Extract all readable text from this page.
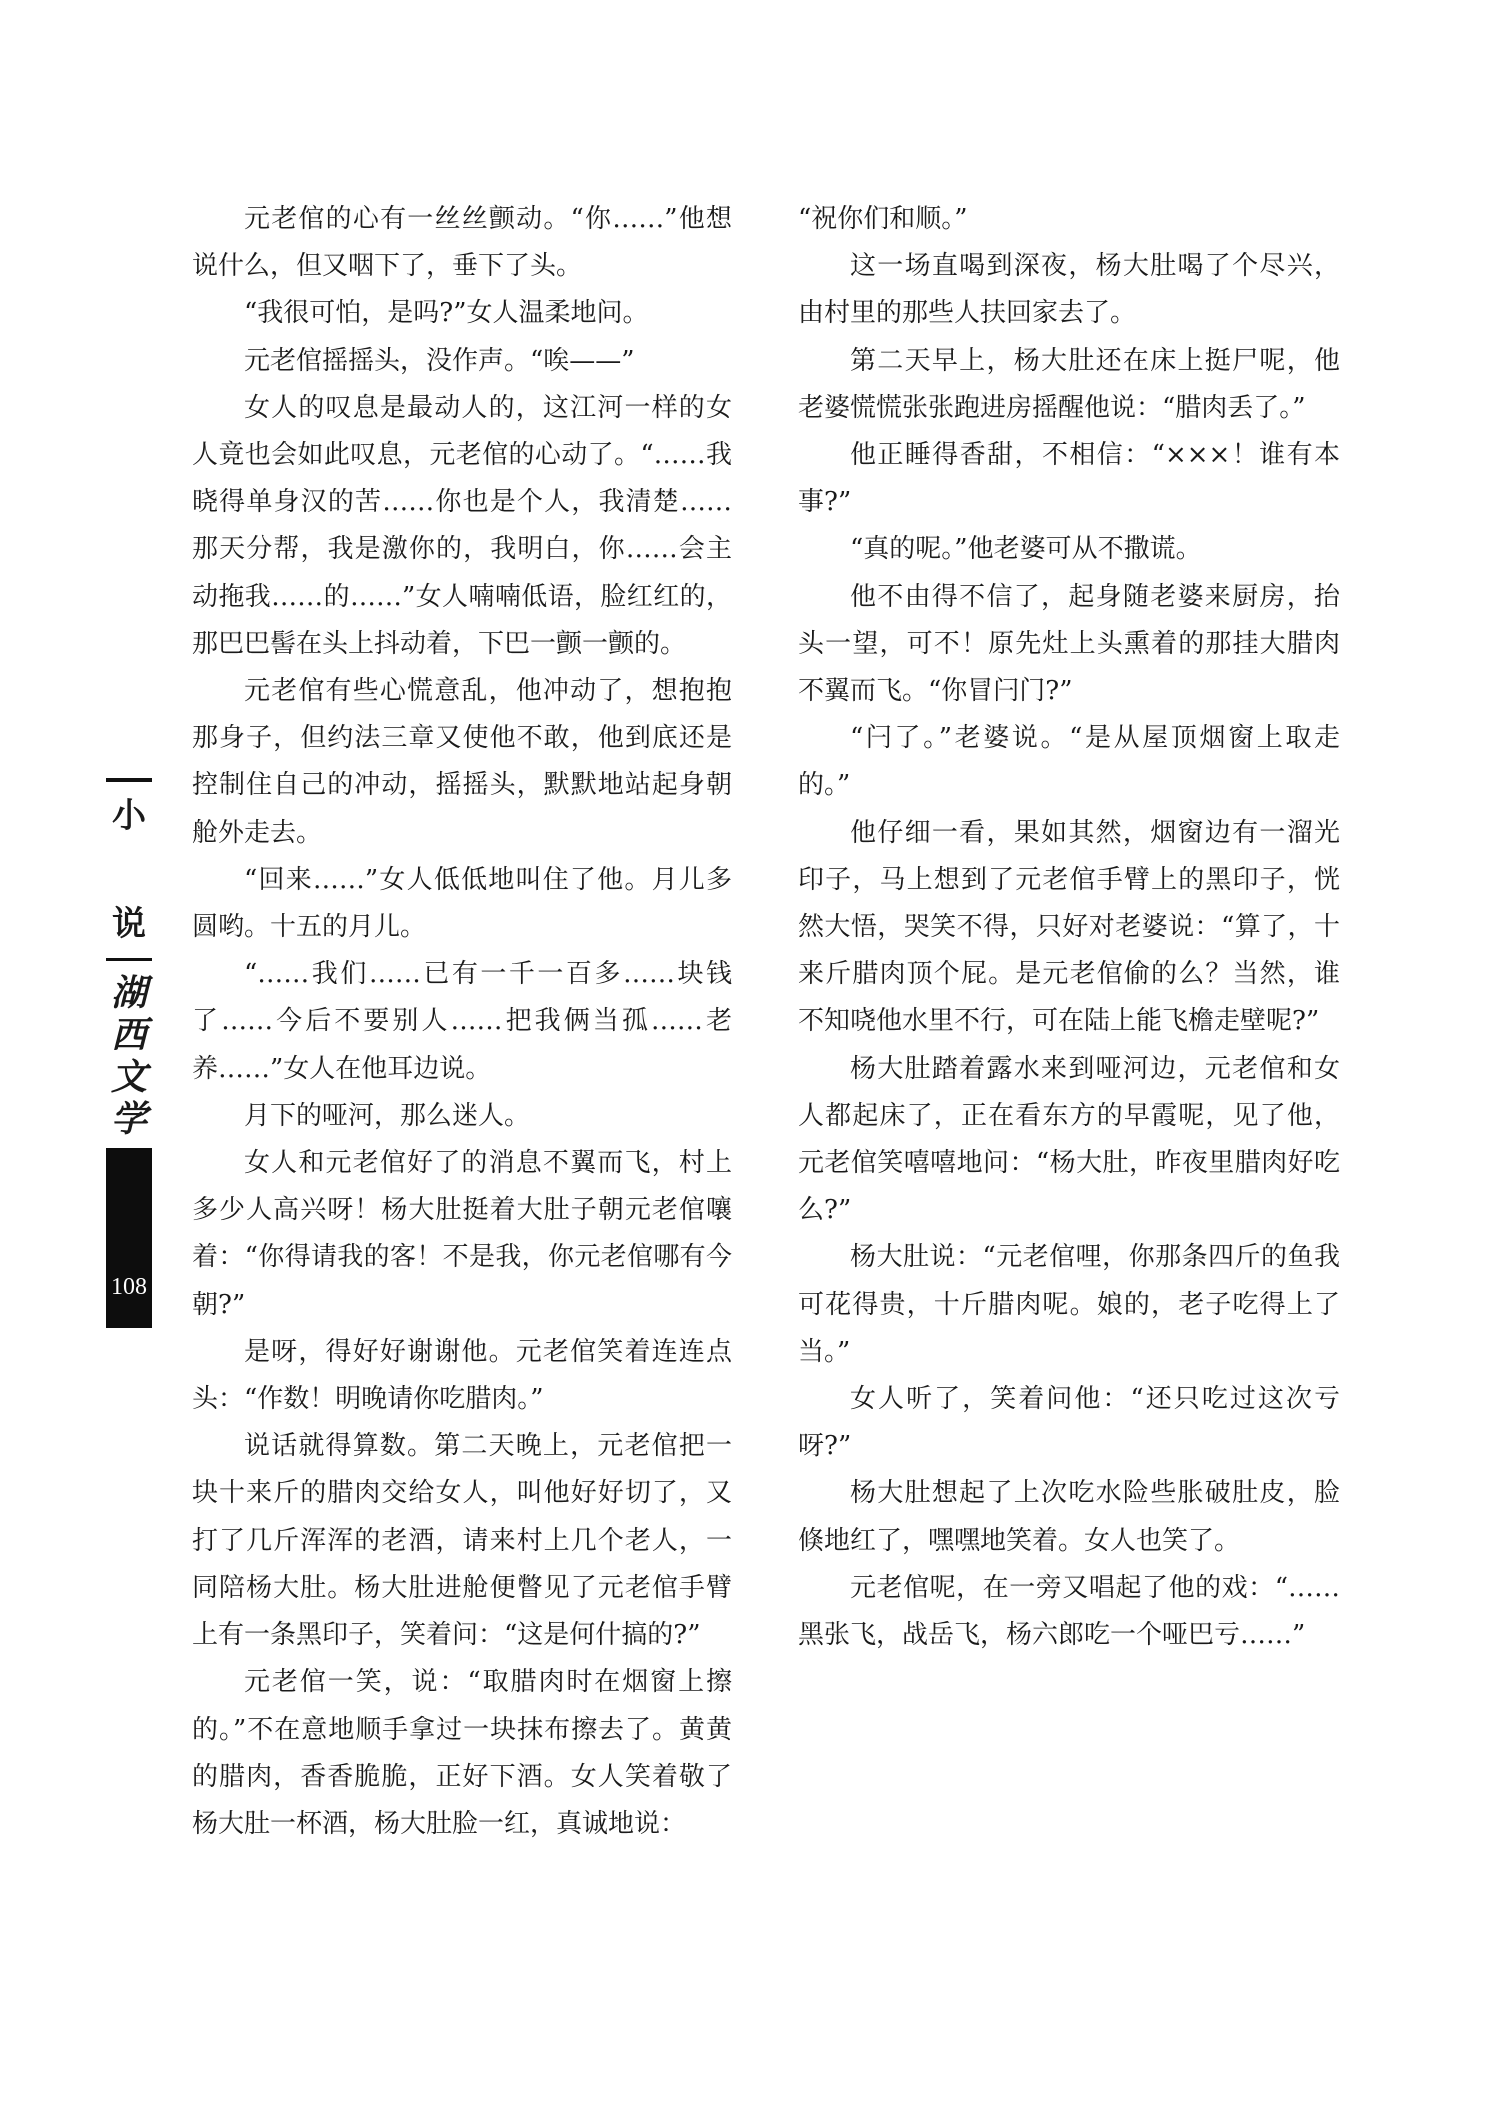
小
说
湖
西
文
学
108

元老倌的心有一丝丝颤动。“你……”他想说什么，但又咽下了，垂下了头。

“我很可怕，是吗?”女人温柔地问。

元老倌摇摇头，没作声。“唉——”

女人的叹息是最动人的，这江河一样的女人竟也会如此叹息，元老倌的心动了。“……我晓得单身汉的苦……你也是个人，我清楚……那天分帮，我是激你的，我明白，你……会主动拖我……的……”女人喃喃低语，脸红红的，那巴巴髻在头上抖动着，下巴一颤一颤的。

元老倌有些心慌意乱，他冲动了，想抱抱那身子，但约法三章又使他不敢，他到底还是控制住自己的冲动，摇摇头，默默地站起身朝舱外走去。

“回来……”女人低低地叫住了他。月儿多圆哟。十五的月儿。

“……我们……已有一千一百多……块钱了……今后不要别人……把我俩当孤……老养……”女人在他耳边说。

月下的哑河，那么迷人。

女人和元老倌好了的消息不翼而飞，村上多少人高兴呀！杨大肚挺着大肚子朝元老倌嚷着：“你得请我的客！不是我，你元老倌哪有今朝?”

是呀，得好好谢谢他。元老倌笑着连连点头：“作数！明晚请你吃腊肉。”

说话就得算数。第二天晚上，元老倌把一块十来斤的腊肉交给女人，叫他好好切了，又打了几斤浑浑的老酒，请来村上几个老人，一同陪杨大肚。杨大肚进舱便瞥见了元老倌手臂上有一条黑印子，笑着问：“这是何什搞的?”

元老倌一笑，说：“取腊肉时在烟窗上擦的。”不在意地顺手拿过一块抹布擦去了。黄黄的腊肉，香香脆脆，正好下酒。女人笑着敬了杨大肚一杯酒，杨大肚脸一红，真诚地说：

“祝你们和顺。”

这一场直喝到深夜，杨大肚喝了个尽兴，由村里的那些人扶回家去了。

第二天早上，杨大肚还在床上挺尸呢，他老婆慌慌张张跑进房摇醒他说：“腊肉丢了。”

他正睡得香甜，不相信：“×××！谁有本事?”

“真的呢。”他老婆可从不撒谎。

他不由得不信了，起身随老婆来厨房，抬头一望，可不！原先灶上头熏着的那挂大腊肉不翼而飞。“你冒闩门?”

“闩了。”老婆说。“是从屋顶烟窗上取走的。”

他仔细一看，果如其然，烟窗边有一溜光印子，马上想到了元老倌手臂上的黑印子，恍然大悟，哭笑不得，只好对老婆说：“算了，十来斤腊肉顶个屁。是元老倌偷的么？当然，谁不知哓他水里不行，可在陆上能飞檐走壁呢?”

杨大肚踏着露水来到哑河边，元老倌和女人都起床了，正在看东方的早霞呢，见了他，元老倌笑嘻嘻地问：“杨大肚，昨夜里腊肉好吃么?”

杨大肚说：“元老倌哩，你那条四斤的鱼我可花得贵，十斤腊肉呢。娘的，老子吃得上了当。”

女人听了，笑着问他：“还只吃过这次亏呀?”

杨大肚想起了上次吃水险些胀破肚皮，脸倏地红了，嘿嘿地笑着。女人也笑了。

元老倌呢，在一旁又唱起了他的戏：“……黑张飞，战岳飞，杨六郎吃一个哑巴亏……”
